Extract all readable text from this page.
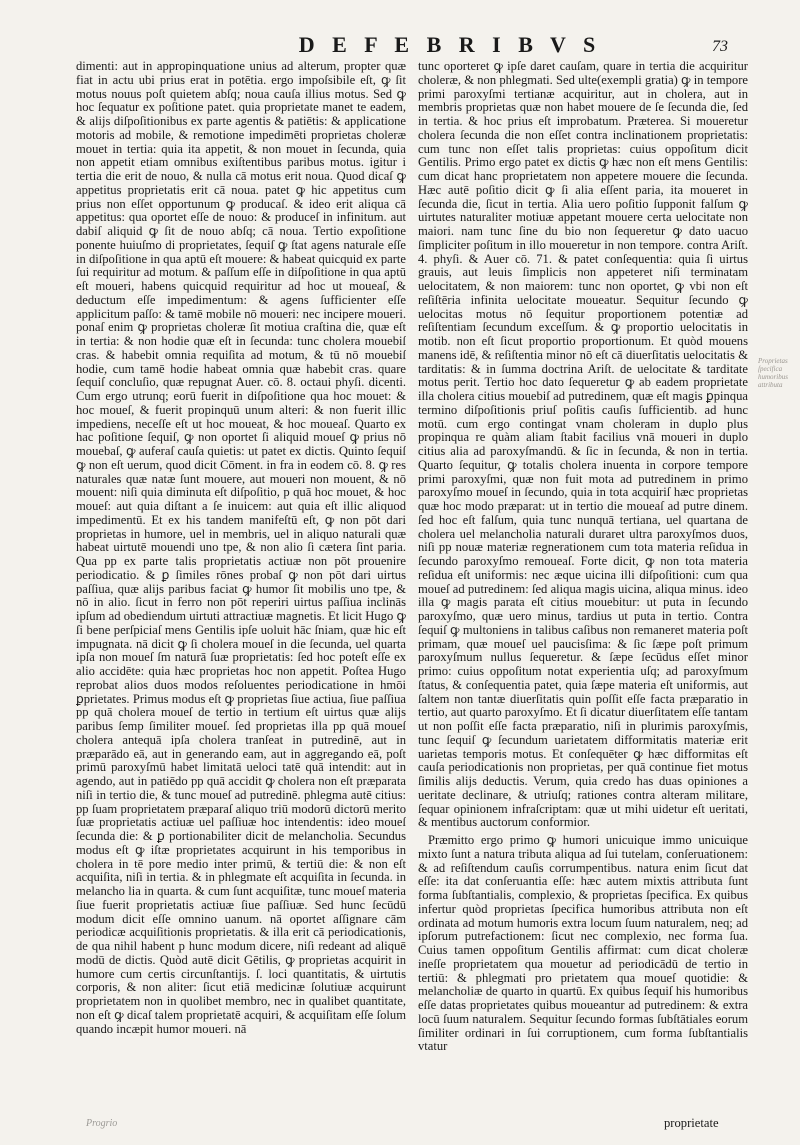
D E F E B R I B V S	73

dimenti: aut in appropinquatione unius ad alterum, propter quæ fiat in actu ubi prius erat in potētia. ergo impoſsibile eſt, ꝙ ſit motus nouus poſt quietem abſq; noua cauſa illius motus. Sed ꝙ hoc ſequatur ex poſitione patet. quia proprietate manet te eadem, & alijs diſpoſitionibus ex parte agentis & patiētis: & applicatione motoris ad mobile, & remotione impedimēti proprietas choleræ mouet in tertia: quia ita appetit, & non mouet in ſecunda, quia non appetit etiam omnibus exiſtentibus paribus motus. igitur i tertia die erit de nouo, & nulla cā motus erit noua. Quod dicaſ ꝙ appetitus proprietatis erit cā noua. patet ꝙ hic appetitus cum prius non eſſet opportunum ꝙ producaſ. & ideo erit aliqua cā appetitus: qua oportet eſſe de nouo: & produceſ in infinitum. aut dabiſ aliquid ꝙ ſit de nouo abſq; cā noua. Tertio expoſitione ponente huiuſmo di proprietates, ſequiſ ꝙ ſtat agens naturale eſſe in diſpoſitione in qua aptū eſt mouere: & habeat quicquid ex parte ſui requiritur ad motum. & paſſum eſſe in diſpoſitione in qua aptū eſt moueri, habens quicquid requiritur ad hoc ut moueaſ, & deductum eſſe impedimentum: & agens ſufficienter eſſe applicitum paſſo: & tamē mobile nō moueri: nec incipere moueri. ponaſ enim ꝙ proprietas choleræ ſit motiua craſtina die, quæ eſt in tertia: & non hodie quæ eſt in ſecunda: tunc cholera mouebiſ cras. & habebit omnia requiſita ad motum, & tū nō mouebiſ hodie, cum tamē hodie habeat omnia quæ habebit cras. quare ſequiſ concluſio, quæ repugnat Auer. cō. 8. octaui phyſi. dicenti. Cum ergo utrunq; eorū fuerit in diſpoſitione qua hoc mouet: & hoc moueſ, & fuerit propinquū unum alteri: & non fuerit illic impediens, neceſſe eſt ut hoc moueat, & hoc moueaſ. Quarto ex hac poſitione ſequiſ, ꝙ non oportet ſi aliquid moueſ ꝙ prius nō mouebaſ, ꝙ auferaſ cauſa quietis: ut patet ex dictis. Quinto ſequiſ ꝙ non eſt uerum, quod dicit Cōment. in fra in eodem cō. 8. ꝙ res naturales quæ natæ ſunt mouere, aut moueri non mouent, & nō mouent: niſi quia diminuta eſt diſpoſitio, p quā hoc mouet, & hoc moueſ: aut quia diſtant a ſe inuicem: aut quia eſt illic aliquod impedimentū. Et ex his tandem manifeſtū eſt, ꝙ non pōt dari proprietas in humore, uel in membris, uel in aliquo naturali quæ habeat uirtutē mouendi uno tpe, & non alio ſi cætera ſint paria. Qua pp ex parte talis proprietatis actiuæ non pōt prouenire periodicatio. & ꝑ ſimiles rōnes probaſ ꝙ non pōt dari uirtus paſſiua, quæ alijs paribus faciat ꝙ humor ſit mobilis uno tpe, & nō in alio. ſicut in ferro non pōt reperiri uirtus paſſiua inclinās ipſum ad obediendum uirtuti attractiuæ magnetis. Et licit Hugo ꝙ ſi bene perſpiciaſ mens Gentilis ipſe uoluit hāc ſniam, quæ hic eſt impugnata. nā dicit ꝙ ſi cholera moueſ in die ſecunda, uel quarta ipſa non moueſ ſm naturā ſuæ proprietatis: ſed hoc poteſt eſſe ex alio accidēte: quia hæc proprietas hoc non appetit. Poſtea Hugo reprobat alios duos modos reſoluentes periodicatione in hmōi ꝑprietates. Primus modus eſt ꝙ proprietas ſiue actiua, ſiue paſſiua pp quā cholera moueſ de tertio in tertium eſt uirtus quæ alijs paribus ſemp ſimiliter moueſ. ſed proprietas illa pp quā moueſ cholera antequā ipſa cholera tranſeat in putredinē, aut in præparādo eā, aut in generando eam, aut in aggregando eā, poſt primū paroxyſmū habet limitatā ueloci tatē quā intendit: aut in agendo, aut in patiēdo pp quā accidit ꝙ cholera non eſt præparata niſi in tertio die, & tunc moueſ ad putredinē. phlegma autē citius: pp ſuam proprietatem præparaſ aliquo triū modorū dictorū merito ſuæ proprietatis actiuæ uel paſſiuæ hoc intendentis: ideo moueſ ſecunda die: & ꝑ portionabiliter dicit de melancholia. Secundus modus eſt ꝙ iſtæ proprietates acquirunt in his temporibus in cholera in tē pore medio inter primū, & tertiū die: & non eſt acquiſita, niſi in tertia. & in phlegmate eſt acquiſita in ſecunda. in melancho lia in quarta. & cum ſunt acquiſitæ, tunc moueſ materia ſiue fuerit proprietatis actiuæ ſiue paſſiuæ. Sed hunc ſecūdū modum dicit eſſe omnino uanum. nā oportet aſſignare cām periodicæ acquiſitionis proprietatis. & illa erit cā periodicationis, de qua nihil habent p hunc modum dicere, niſi redeant ad aliquē modū de dictis. Quòd autē dicit Gētilis, ꝙ proprietas acquirit in humore cum certis circunſtantijs. ſ. loci quantitatis, & uirtutis corporis, & non aliter: ſicut etiā medicinæ ſolutiuæ acquirunt proprietatem non in quolibet membro, nec in qualibet quantitate, non eſt ꝙ dicaſ talem proprietatē acquiri, & acquiſitam eſſe ſolum quando incæpit humor moueri. nā

tunc oporteret ꝙ ipſe daret cauſam, quare in tertia die acquiritur choleræ, & non phlegmati. Sed ulte(exempli gratia) ꝙ in tempore primi paroxyſmi tertianæ acquiritur, aut in cholera, aut in membris proprietas quæ non habet mouere de ſe ſecunda die, ſed in tertia. & hoc prius eſt improbatum. Præterea. Si moueretur cholera ſecunda die non eſſet contra inclinationem proprietatis: cum tunc non eſſet talis proprietas: cuius oppoſitum dicit Gentilis. Primo ergo patet ex dictis ꝙ hæc non eſt mens Gentilis: cum dicat hanc proprietatem non appetere mouere die ſecunda. Hæc autē poſitio dicit ꝙ ſi alia eſſent paria, ita moueret in ſecunda die, ſicut in tertia. Alia uero poſitio ſupponit falſum ꝙ uirtutes naturaliter motiuæ appetant mouere certa uelocitate non maiori. nam tunc ſine du bio non ſequeretur ꝙ dato uacuo ſimpliciter poſitum in illo moueretur in non tempore. contra Ariſt. 4. phyſi. & Auer cō. 71. & patet conſequentia: quia ſi uirtus grauis, aut leuis ſimplicis non appeteret niſi terminatam uelocitatem, & non maiorem: tunc non oportet, ꝙ vbi non eſt reſiſtēria infinita uelocitate moueatur. Sequitur ſecundo ꝙ uelocitas motus nō ſequitur proportionem potentiæ ad reſiſtentiam ſecundum exceſſum. & ꝙ proportio uelocitatis in motib. non eſt ſicut proportio proportionum. Et quòd mouens manens idē, & reſiſtentia minor nō eſt cā diuerſitatis uelocitatis & tarditatis: & in ſumma doctrina Ariſt. de uelocitate & tarditate motus perit. Tertio hoc dato ſequeretur ꝙ ab eadem proprietate illa cholera citius mouebiſ ad putredinem, quæ eſt magis ꝑpinqua termino diſpoſitionis priuſ poſitis cauſis ſufficientib. ad hunc motū. cum ergo contingat vnam choleram in duplo plus propinqua re quàm aliam ſtabit facilius vnā moueri in duplo citius alia ad paroxyſmandū. & ſic in ſecunda, & non in tertia. Quarto ſequitur, ꝙ totalis cholera inuenta in corpore tempore primi paroxyſmi, quæ non fuit mota ad putredinem in primo paroxyſmo moueſ in ſecundo, quia in tota acquiriſ hæc proprietas quæ hoc modo præparat: ut in tertio die moueaſ ad putre dinem. ſed hoc eſt falſum, quia tunc nunquā tertiana, uel quartana de cholera uel melancholia naturali duraret ultra paroxyſmos duos, niſi pp nouæ materiæ regnerationem cum tota materia reſidua in ſecundo paroxyſmo remoueaſ. Forte dicit, ꝙ non tota materia reſidua eſt uniformis: nec æque uicina illi diſpoſitioni: cum qua moueſ ad putredinem: ſed aliqua magis uicina, aliqua minus. ideo illa ꝙ magis parata eſt citius mouebitur: ut puta in ſecundo paroxyſmo, quæ uero minus, tardius ut puta in tertio. Contra ſequiſ ꝙ multoniens in talibus caſibus non remaneret materia poſt primam, quæ moueſ uel paucisſima: & ſic ſæpe poſt primum paroxyſmum nullus ſequeretur. & ſæpe ſecūdus eſſet minor primo: cuius oppoſitum notat experientia uſq; ad paroxyſmum ſtatus, & conſequentia patet, quia ſæpe materia eſt uniformis, aut ſaltem non tantæ diuerſitatis quin poſſit eſſe facta præparatio in tertio, aut quarto paroxyſmo. Et ſi dicatur diuerſitatem eſſe tantam ut non poſſit eſſe facta præparatio, niſi in plurimis paroxyſmis, tunc ſequiſ ꝙ ſecundum uarietatem difformitatis materiæ erit uarietas temporis motus. Et conſequēter ꝙ hæc difformitas eſt cauſa periodicationis non proprietas, per quā continue fiet motus ſimilis alijs deductis. Verum, quia credo has duas opiniones a ueritate declinare, & utriuſq; rationes contra alteram militare, ſequar opinionem infraſcriptam: quæ ut mihi uidetur eſt ueritati, & mentibus auctorum conformior.

Præmitto ergo primo ꝙ humori unicuique immo unicuique mixto ſunt a natura tributa aliqua ad ſui tutelam, conſeruationem: & ad reſiſtendum cauſis corrumpentibus. natura enim ſicut dat eſſe: ita dat conſeruantia eſſe: hæc autem mixtis attributa ſunt forma ſubſtantialis, complexio, & proprietas ſpecifica. Ex quibus infertur quòd proprietas ſpecifica humoribus attributa non eſt ordinata ad motum humoris extra locum ſuum naturalem, neq; ad ipſorum putrefactionem: ſicut nec complexio, nec forma ſua. Cuius tamen oppoſitum Gentilis affirmat: cum dicat choleræ ineſſe proprietatem qua mouetur ad periodicādū de tertio in tertiū: & phlegmati pro prietatem qua moueſ quotidie: & melancholiæ de quarto in quartū. Ex quibus ſequiſ his humoribus eſſe datas proprietates quibus moueantur ad putredinem: & extra locū ſuum naturalem. Sequitur ſecundo formas ſubſtātiales eorum ſimiliter ordinari in ſui corruptionem, cum forma ſubſtantialis vtatur

Proprietas ſpecifica humoribus attributa
Progrio	proprietate
